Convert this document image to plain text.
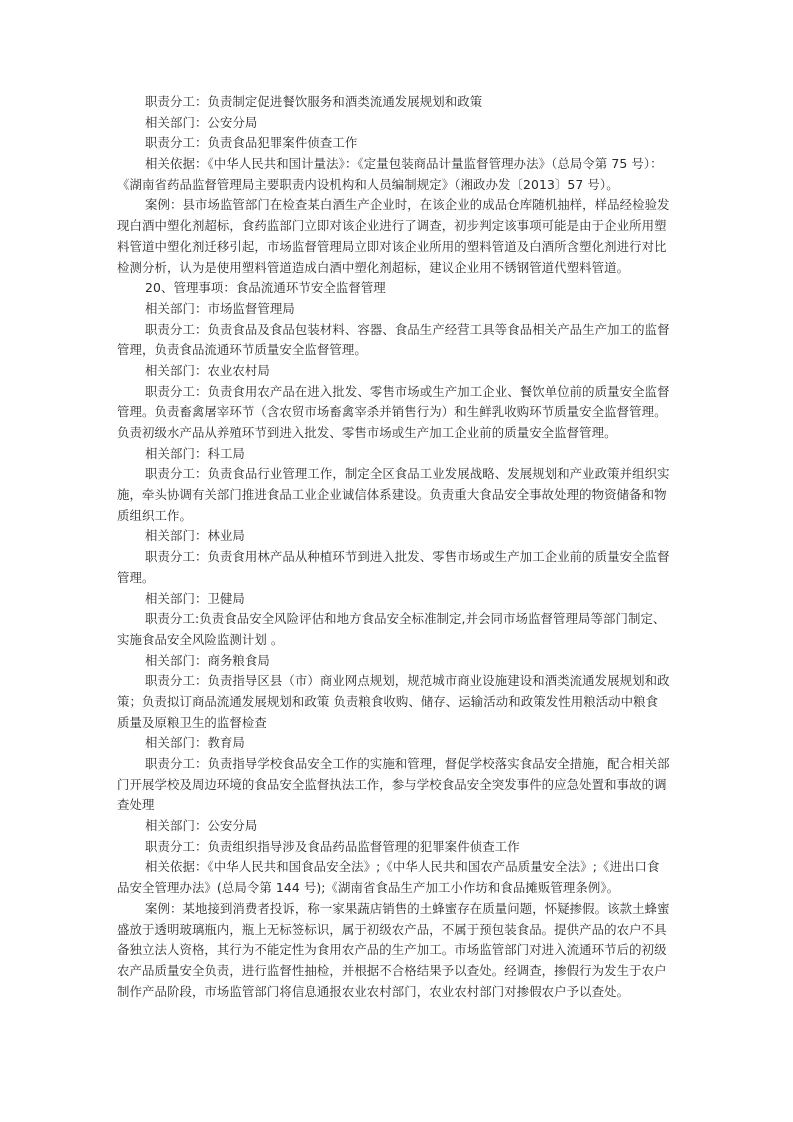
职责分工：负责制定促进餐饮服务和酒类流通发展规划和政策
相关部门：公安分局
职责分工：负责食品犯罪案件侦查工作
相关依据：《中华人民共和国计量法》：《定量包装商品计量监督管理办法》（总局令第 75 号）：
《湖南省药品监督管理局主要职责内设机构和人员编制规定》（湘政办发〔2013〕57 号）。
案例：县市场监管部门在检查某白酒生产企业时，在该企业的成品仓库随机抽样，样品经检验发
现白酒中塑化剂超标，食药监部门立即对该企业进行了调查，初步判定该事项可能是由于企业所用塑
料管道中塑化剂迁移引起，市场监督管理局立即对该企业所用的塑料管道及白酒所含塑化剂进行对比
检测分析，认为是使用塑料管道造成白酒中塑化剂超标，建议企业用不锈钢管道代塑料管道。
20、管理事项：食品流通环节安全监督管理
相关部门：市场监督管理局
职责分工：负责食品及食品包装材料、容器、食品生产经营工具等食品相关产品生产加工的监督
管理，负责食品流通环节质量安全监督管理。
相关部门：农业农村局
职责分工：负责食用农产品在进入批发、零售市场或生产加工企业、餐饮单位前的质量安全监督
管理。负责畜禽屠宰环节（含农贸市场畜禽宰杀并销售行为）和生鲜乳收购环节质量安全监督管理。
负责初级水产品从养殖环节到进入批发、零售市场或生产加工企业前的质量安全监督管理。
相关部门：科工局
职责分工：负责食品行业管理工作，制定全区食品工业发展战略、发展规划和产业政策并组织实
施，牵头协调有关部门推进食品工业企业诚信体系建设。负责重大食品安全事故处理的物资储备和物
质组织工作。
相关部门：林业局
职责分工：负责食用林产品从种植环节到进入批发、零售市场或生产加工企业前的质量安全监督
管理。
相关部门：卫健局
职责分工:负责食品安全风险评估和地方食品安全标准制定,并会同市场监督管理局等部门制定、
实施食品安全风险监测计划 。
相关部门：商务粮食局
职责分工：负责指导区县（市）商业网点规划，规范城市商业设施建设和酒类流通发展规划和政
策；负责拟订商品流通发展规划和政策 负责粮食收购、储存、运输活动和政策发性用粮活动中粮食
质量及原粮卫生的监督检查
相关部门：教育局
职责分工：负责指导学校食品安全工作的实施和管理，督促学校落实食品安全措施，配合相关部
门开展学校及周边环境的食品安全监督执法工作，参与学校食品安全突发事件的应急处置和事故的调
查处理
相关部门：公安分局
职责分工：负责组织指导涉及食品药品监督管理的犯罪案件侦查工作
相关依据：《中华人民共和国食品安全法》;《中华人民共和国农产品质量安全法》;《进出口食
品安全管理办法》(总局令第 144 号);《湖南省食品生产加工小作坊和食品摊贩管理条例》。
案例：某地接到消费者投诉，称一家果蔬店销售的土蜂蜜存在质量问题，怀疑掺假。该款土蜂蜜
盛放于透明玻璃瓶内，瓶上无标签标识，属于初级农产品，不属于预包装食品。提供产品的农户不具
备独立法人资格，其行为不能定性为食用农产品的生产加工。市场监管部门对进入流通环节后的初级
农产品质量安全负责，进行监督性抽检，并根据不合格结果予以查处。经调查，掺假行为发生于农户
制作产品阶段，市场监管部门将信息通报农业农村部门，农业农村部门对掺假农户予以查处。
